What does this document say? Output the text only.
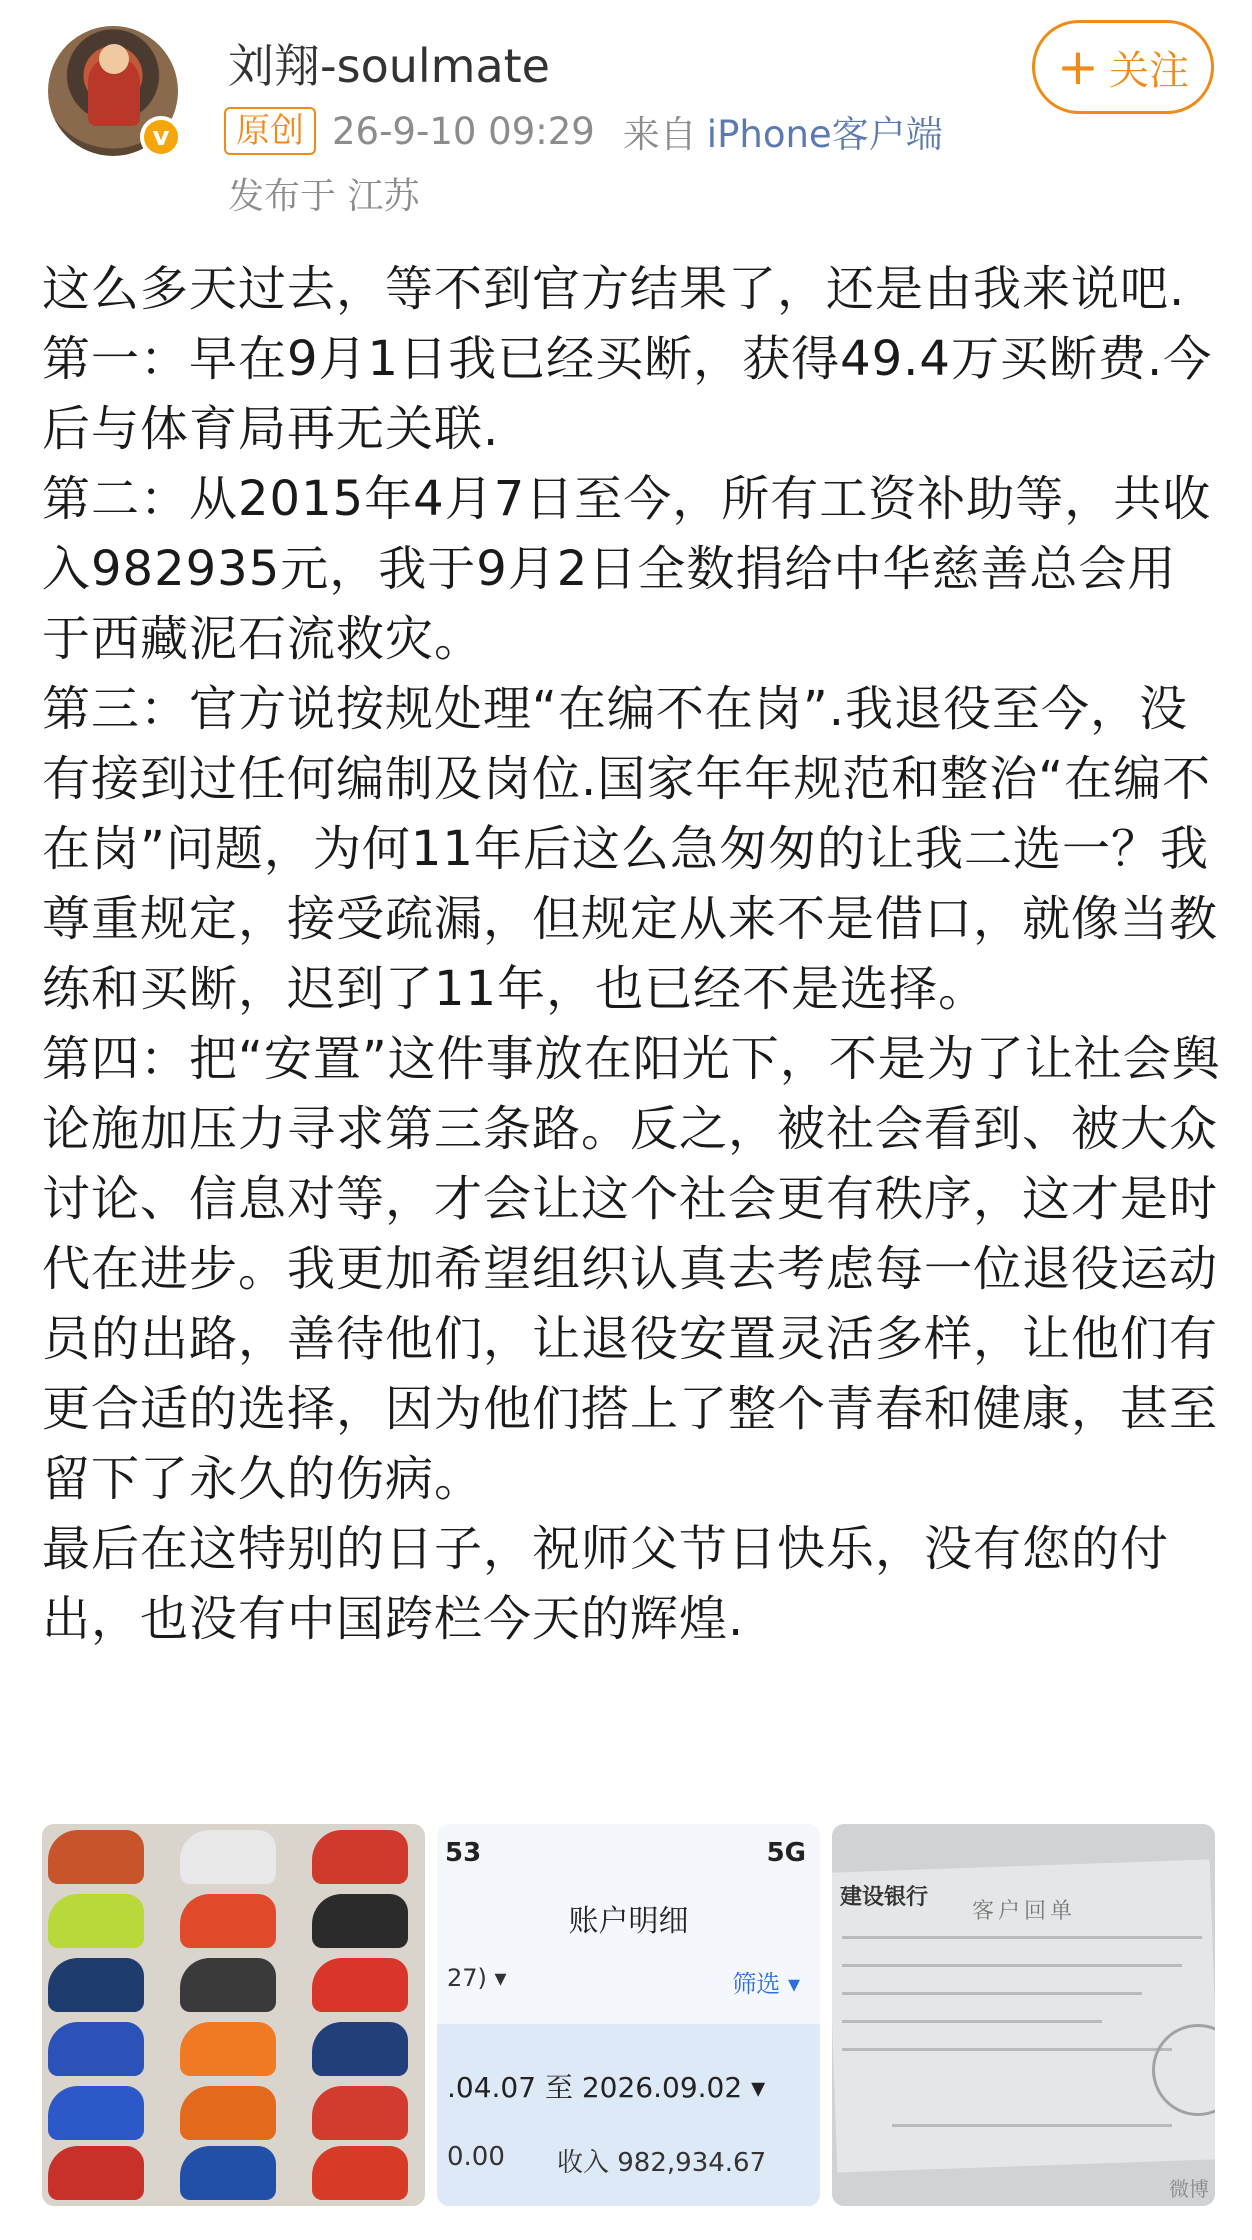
v
刘翔-soulmate
原创 26-9-10 09:29 来自 iPhone客户端
发布于 江苏
+ 关注

这么多天过去，等不到官方结果了，还是由我来说吧.

第一：早在9月1日我已经买断，获得49.4万买断费.今后与体育局再无关联.

第二：从2015年4月7日至今，所有工资补助等，共收入982935元，我于9月2日全数捐给中华慈善总会用于西藏泥石流救灾。

第三：官方说按规处理“在编不在岗”.我退役至今，没有接到过任何编制及岗位.国家年年规范和整治“在编不在岗”问题，为何11年后这么急匆匆的让我二选一？我尊重规定，接受疏漏，但规定从来不是借口，就像当教练和买断，迟到了11年，也已经不是选择。

第四：把“安置”这件事放在阳光下，不是为了让社会舆论施加压力寻求第三条路。反之，被社会看到、被大众讨论、信息对等，才会让这个社会更有秩序，这才是时代在进步。我更加希望组织认真去考虑每一位退役运动员的出路，善待他们，让退役安置灵活多样，让他们有更合适的选择，因为他们搭上了整个青春和健康，甚至留下了永久的伤病。

最后在这特别的日子，祝师父节日快乐，没有您的付出，也没有中国跨栏今天的辉煌.

53	5G
账户明细
27) ▾	筛选 ▾
.04.07 至 2026.09.02 ▾
0.00 收入 982,934.67
建设银行
客户回单
微博
